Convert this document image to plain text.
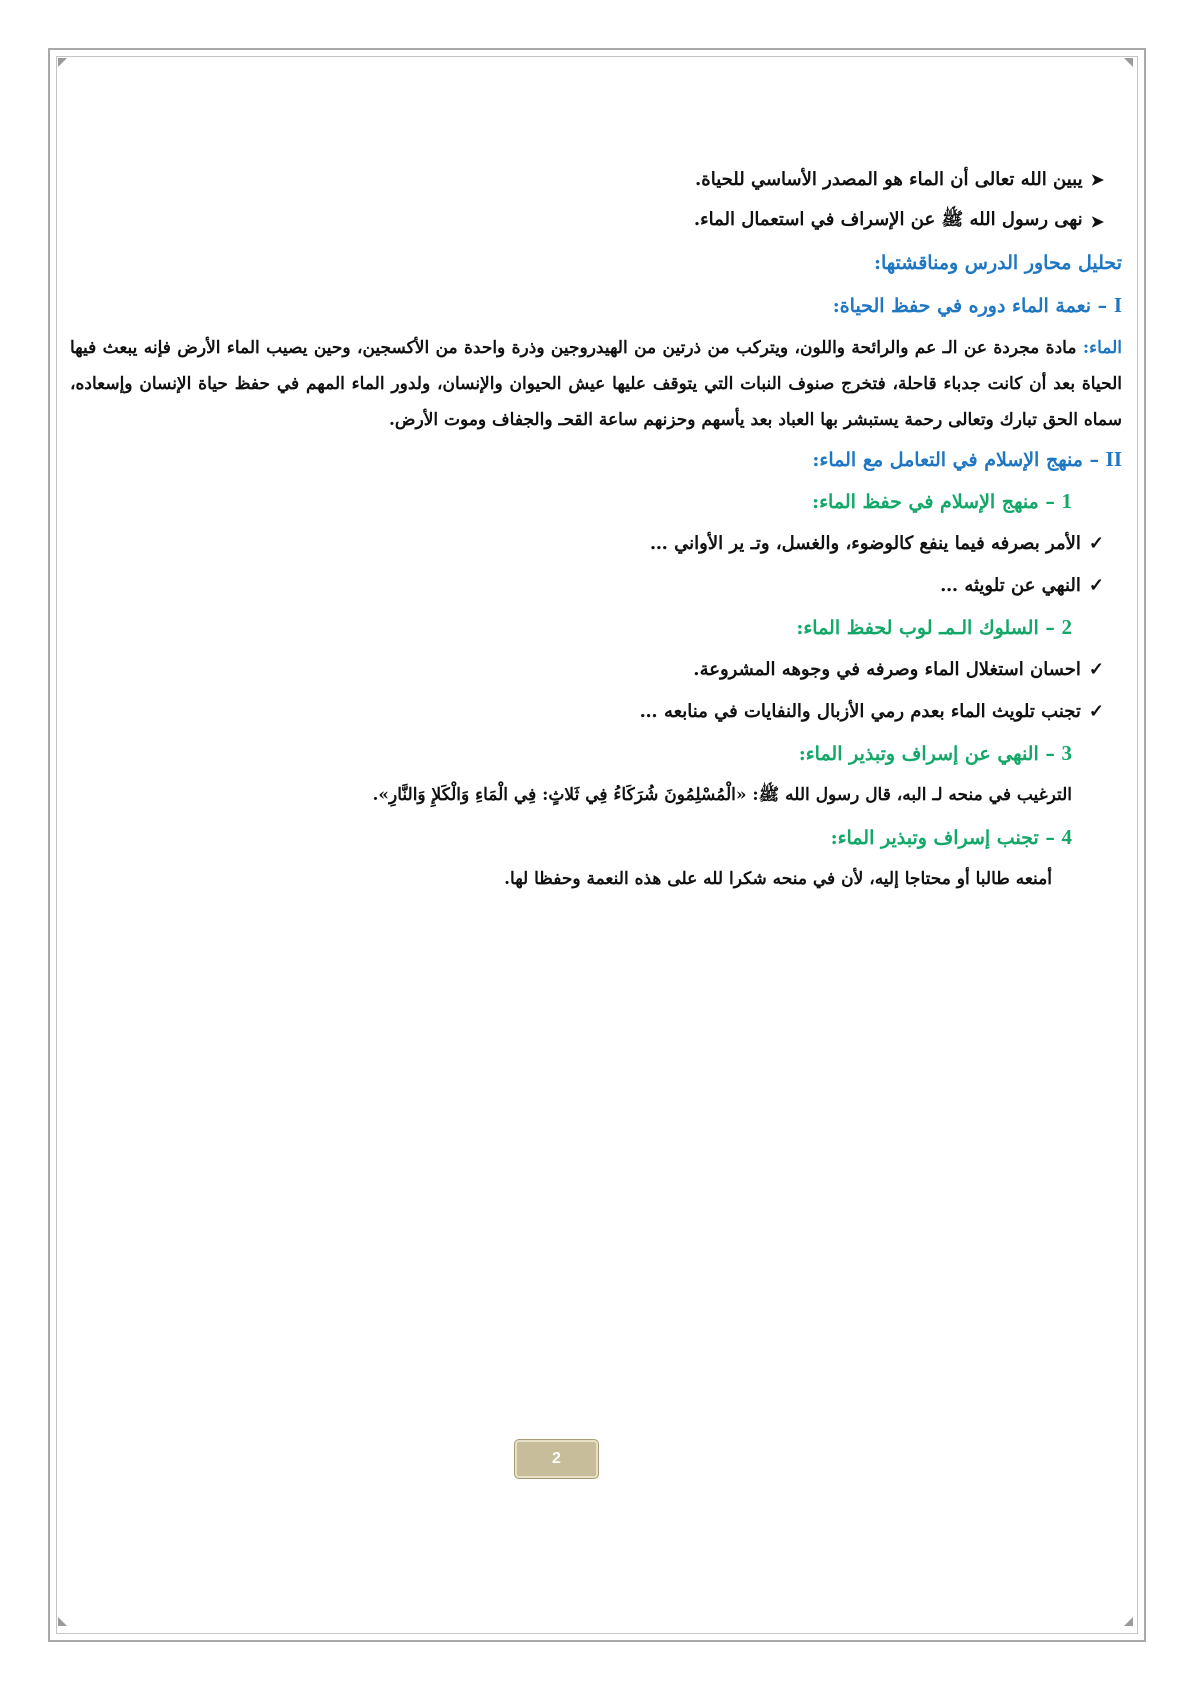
➤
يبين الله تعالى أن الماء هو المصدر الأساسي للحياة.
➤
نهى رسول الله ﷺ عن الإسراف في استعمال الماء.
تحليل محاور الدرس ومناقشتها:
I – نعمة الماء دوره في حفظ الحياة:

الماء: مادة مجردة عن الـ عم والرائحة واللون، ويتركب من ذرتين من الهيدروجين وذرة واحدة من الأكسجين، وحين يصيب الماء الأرض فإنه يبعث فيها الحياة بعد أن كانت جدباء قاحلة، فتخرج صنوف النبات التي يتوقف عليها عيش الحيوان والإنسان، ولدور الماء المهم في حفظ حياة الإنسان وإسعاده، سماه الحق تبارك وتعالى رحمة يستبشر بها العباد بعد يأسهم وحزنهم ساعة القحـ والجفاف وموت الأرض.

II – منهج الإسلام في التعامل مع الماء:
1 – منهج الإسلام في حفظ الماء:
✓
الأمر بصرفه فيما ينفع كالوضوء، والغسل، وتـ ير الأواني …
✓
النهي عن تلويثه …
2 – السلوك الـمـ لوب لحفظ الماء:
✓
احسان استغلال الماء وصرفه في وجوهه المشروعة.
✓
تجنب تلويث الماء بعدم رمي الأزبال والنفايات في منابعه …
3 – النهي عن إسراف وتبذير الماء:
الترغيب في منحه لـ البه، قال رسول الله ﷺ: «الْمُسْلِمُونَ شُرَكَاءُ فِي ثَلاثٍ: فِي الْمَاءِ وَالْكَلإِ وَالنَّارِ».
4 – تجنب إسراف وتبذير الماء:
أمنعه طالبا أو محتاجا إليه، لأن في منحه شكرا لله على هذه النعمة وحفظا لها.
2
